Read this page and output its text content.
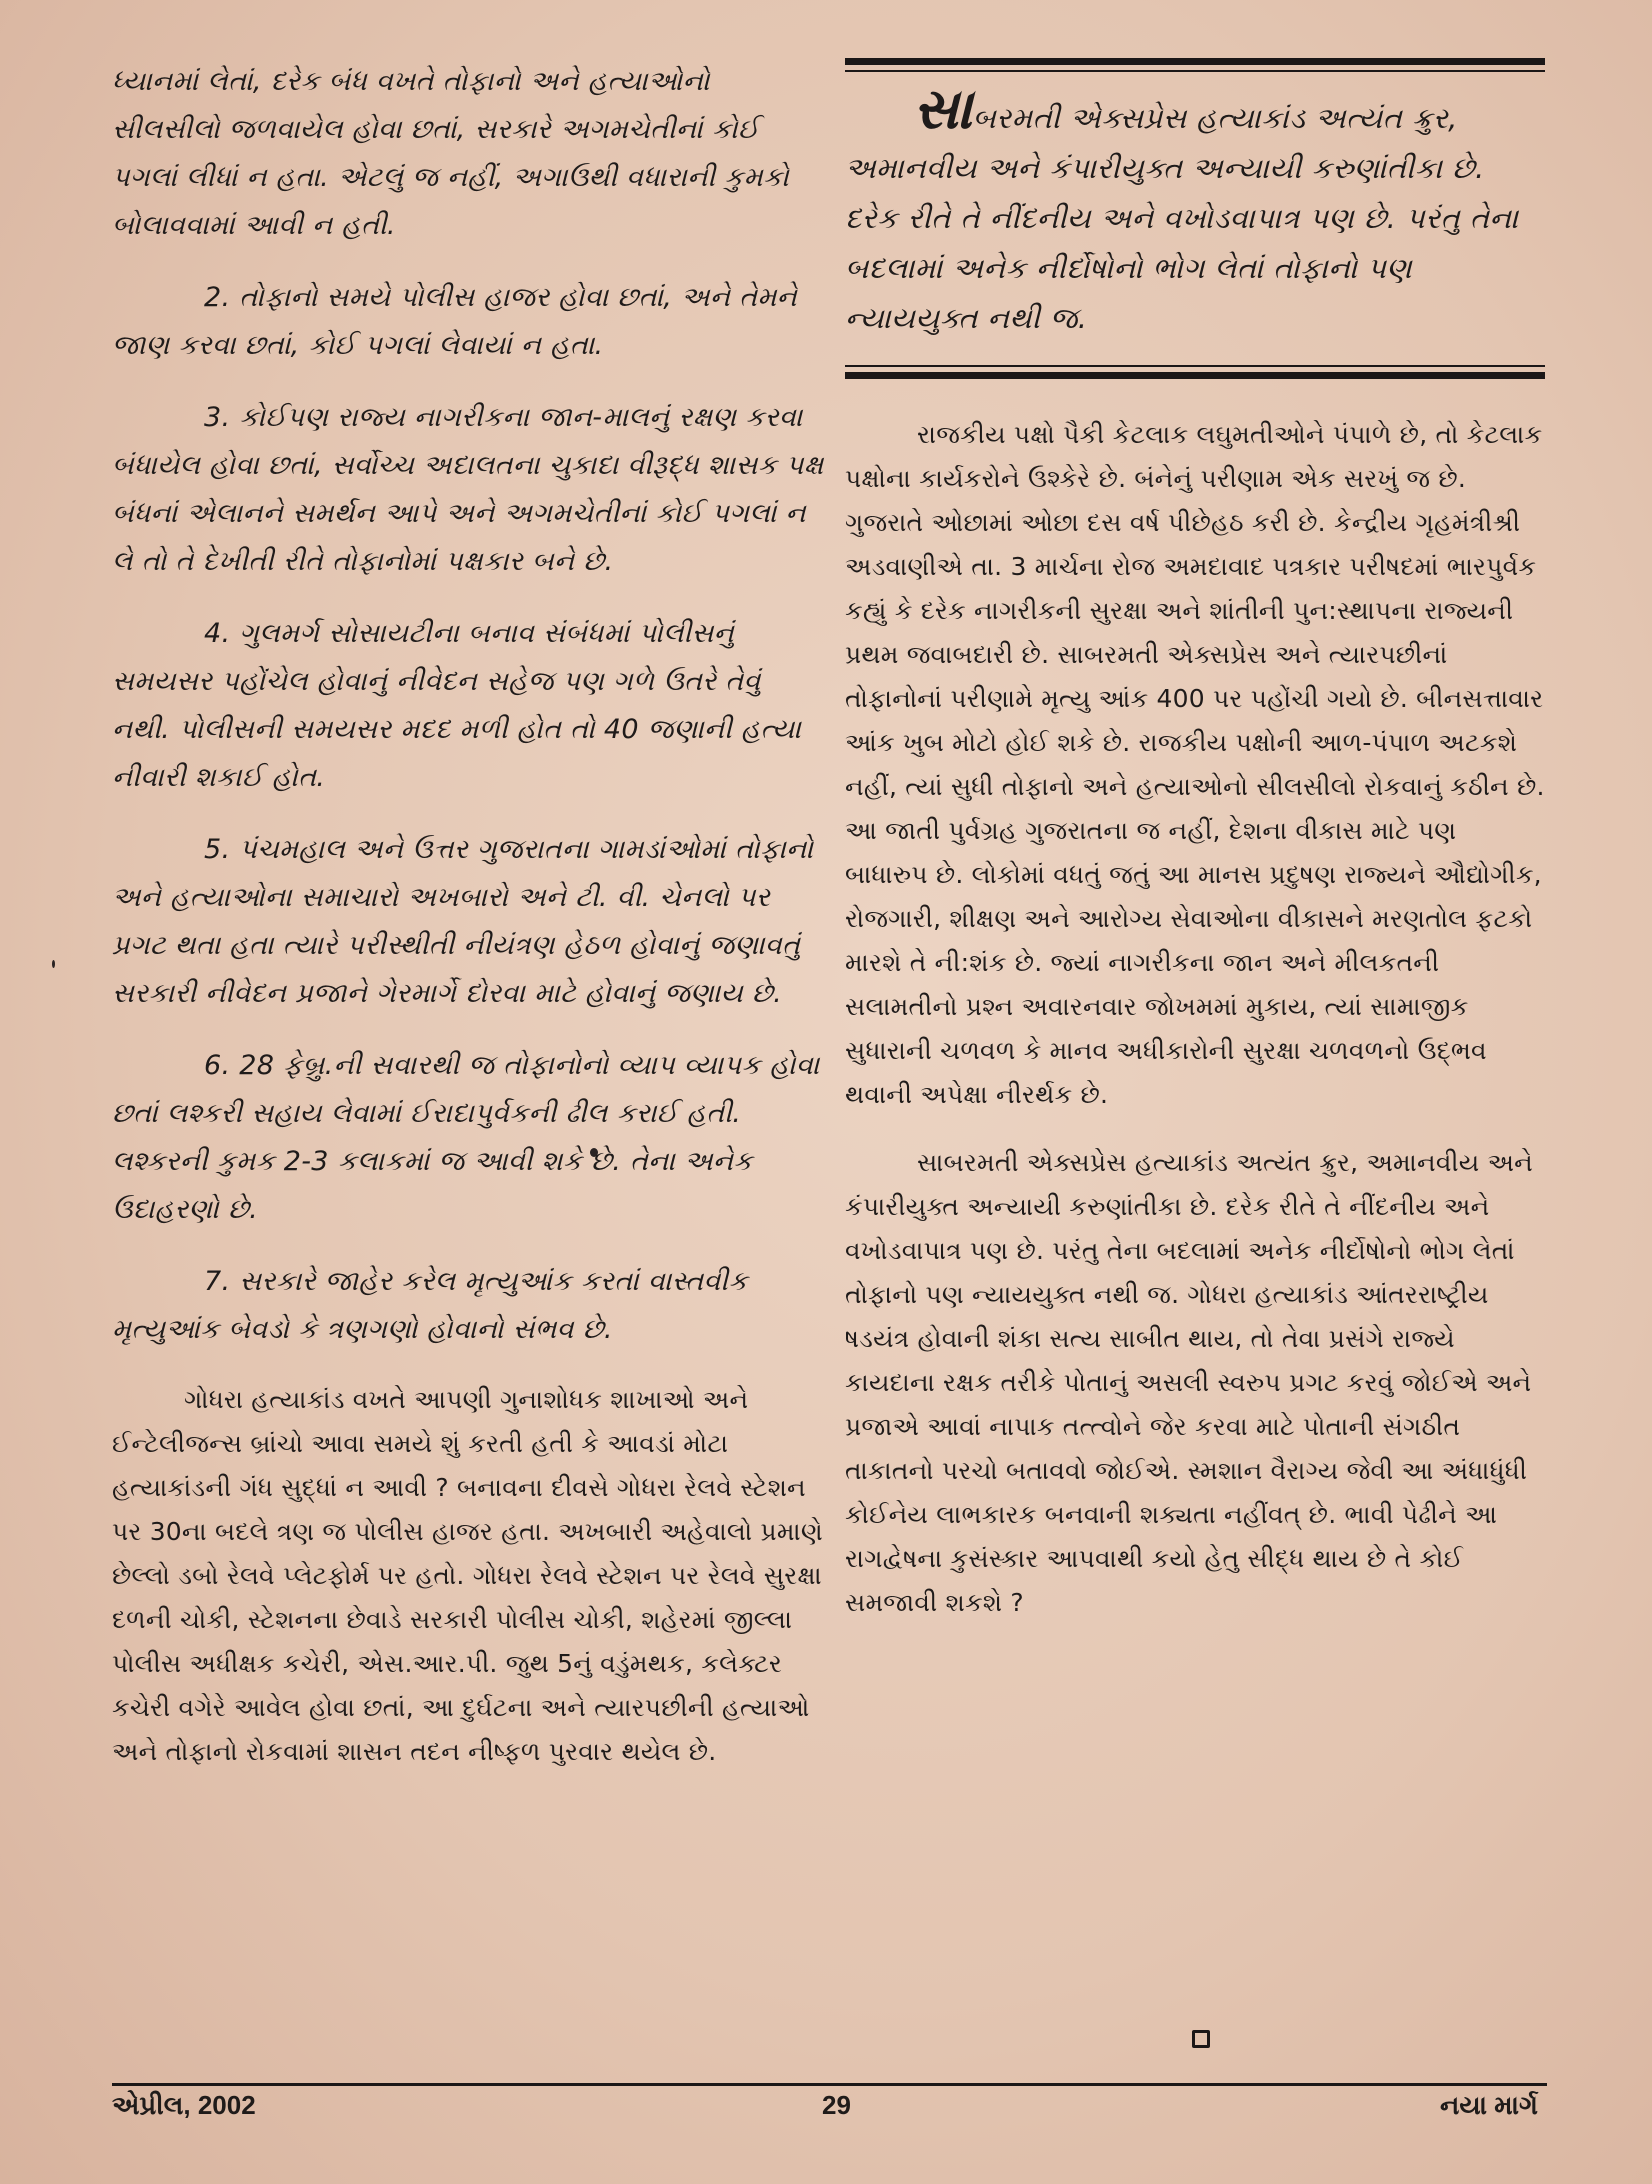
ધ્યાનમાં લેતાં, દરેક બંધ વખતે તોફાનો અને હત્યાઓનો સીલસીલો જળવાયેલ હોવા છતાં, સરકારે અગમચેતીનાં કોઈ પગલાં લીધાં ન હતા. એટલું જ નહીં, અગાઉથી વધારાની કુમકો બોલાવવામાં આવી ન હતી.

2. તોફાનો સમયે પોલીસ હાજર હોવા છતાં, અને તેમને જાણ કરવા છતાં, કોઈ પગલાં લેવાયાં ન હતા.

3. કોઈપણ રાજ્ય નાગરીકના જાન-માલનું રક્ષણ કરવા બંધાયેલ હોવા છતાં, સર્વોચ્ચ અદાલતના ચુકાદા વીરૂદ્ધ શાસક પક્ષ બંધનાં એલાનને સમર્થન આપે અને અગમચેતીનાં કોઈ પગલાં ન લે તો તે દેખીતી રીતે તોફાનોમાં પક્ષકાર બને છે.

4. ગુલમર્ગ સોસાયટીના બનાવ સંબંધમાં પોલીસનું સમયસર પહોંચેલ હોવાનું નીવેદન સહેજ પણ ગળે ઉતરે તેવું નથી. પોલીસની સમયસર મદદ મળી હોત તો 40 જણાની હત્યા નીવારી શકાઈ હોત.

5. પંચમહાલ અને ઉત્તર ગુજરાતના ગામડાંઓમાં તોફાનો અને હત્યાઓના સમાચારો અખબારો અને ટી. વી. ચેનલો પર પ્રગટ થતા હતા ત્યારે પરીસ્થીતી નીયંત્રણ હેઠળ હોવાનું જણાવતું સરકારી નીવેદન પ્રજાને ગેરમાર્ગે દોરવા માટે હોવાનું જણાય છે.

6. 28 ફેબ્રુ.ની સવારથી જ તોફાનોનો વ્યાપ વ્યાપક હોવા છતાં લશ્કરી સહાય લેવામાં ઈરાદાપુર્વકની ઢીલ કરાઈ હતી. લશ્કરની કુમક 2-3 કલાકમાં જ આવી શકે છે. તેના અનેક ઉદાહરણો છે.

7. સરકારે જાહેર કરેલ મૃત્યુઆંક કરતાં વાસ્તવીક મૃત્યુઆંક બેવડો કે ત્રણગણો હોવાનો સંભવ છે.

ગોધરા હત્યાકાંડ વખતે આપણી ગુનાશોધક શાખાઓ અને ઈન્ટેલીજન્સ બ્રાંચો આવા સમયે શું કરતી હતી કે આવડાં મોટા હત્યાકાંડની ગંધ સુદ્ધાં ન આવી ? બનાવના દીવસે ગોધરા રેલવે સ્ટેશન પર 30ના બદલે ત્રણ જ પોલીસ હાજર હતા. અખબારી અહેવાલો પ્રમાણે છેલ્લો ડબો રેલવે પ્લેટફોર્મ પર હતો. ગોધરા રેલવે સ્ટેશન પર રેલવે સુરક્ષા દળની ચોકી, સ્ટેશનના છેવાડે સરકારી પોલીસ ચોકી, શહેરમાં જીલ્લા પોલીસ અધીક્ષક કચેરી, એસ.આર.પી. જુથ 5નું વડુંમથક, કલેક્ટર કચેરી વગેરે આવેલ હોવા છતાં, આ દુર્ઘટના અને ત્યારપછીની હત્યાઓ અને તોફાનો રોકવામાં શાસન તદન નીષ્ફળ પુરવાર થયેલ છે.

સાબરમતી એક્સપ્રેસ હત્યાકાંડ અત્યંત ક્રુર, અમાનવીય અને કંપારીયુક્ત અન્યાયી કરુણાંતીકા છે. દરેક રીતે તે નીંદનીય અને વખોડવાપાત્ર પણ છે. પરંતુ તેના બદલામાં અનેક નીર્દોષોનો ભોગ લેતાં તોફાનો પણ ન્યાયયુક્ત નથી જ.

રાજકીય પક્ષો પૈકી કેટલાક લઘુમતીઓને પંપાળે છે, તો કેટલાક પક્ષોના કાર્યકરોને ઉશ્કેરે છે. બંનેનું પરીણામ એક સરખું જ છે. ગુજરાતે ઓછામાં ઓછા દસ વર્ષ પીછેહઠ કરી છે. કેન્દ્રીય ગૃહમંત્રીશ્રી અડવાણીએ તા. 3 માર્ચના રોજ અમદાવાદ પત્રકાર પરીષદમાં ભારપુર્વક કહ્યું કે દરેક નાગરીકની સુરક્ષા અને શાંતીની પુન:સ્થાપના રાજ્યની પ્રથમ જવાબદારી છે. સાબરમતી એક્સપ્રેસ અને ત્યારપછીનાં તોફાનોનાં પરીણામે મૃત્યુ આંક 400 પર પહોંચી ગયો છે. બીનસત્તાવાર આંક ખુબ મોટો હોઈ શકે છે. રાજકીય પક્ષોની આળ-પંપાળ અટકશે નહીં, ત્યાં સુધી તોફાનો અને હત્યાઓનો સીલસીલો રોકવાનું કઠીન છે. આ જાતી પુર્વગ્રહ ગુજરાતના જ નહીં, દેશના વીકાસ માટે પણ બાધારુપ છે. લોકોમાં વધતું જતું આ માનસ પ્રદુષણ રાજ્યને ઔદ્યોગીક, રોજગારી, શીક્ષણ અને આરોગ્ય સેવાઓના વીકાસને મરણતોલ ફટકો મારશે તે ની:શંક છે. જ્યાં નાગરીકના જાન અને મીલકતની સલામતીનો પ્રશ્ન અવારનવાર જોખમમાં મુકાય, ત્યાં સામાજીક સુધારાની ચળવળ કે માનવ અધીકારોની સુરક્ષા ચળવળનો ઉદ્ભવ થવાની અપેક્ષા નીરર્થક છે.

સાબરમતી એક્સપ્રેસ હત્યાકાંડ અત્યંત ક્રુર, અમાનવીય અને કંપારીયુક્ત અન્યાયી કરુણાંતીકા છે. દરેક રીતે તે નીંદનીય અને વખોડવાપાત્ર પણ છે. પરંતુ તેના બદલામાં અનેક નીર્દોષોનો ભોગ લેતાં તોફાનો પણ ન્યાયયુક્ત નથી જ. ગોધરા હત્યાકાંડ આંતરરાષ્ટ્રીય ષડયંત્ર હોવાની શંકા સત્ય સાબીત થાય, તો તેવા પ્રસંગે રાજ્યે કાયદાના રક્ષક તરીકે પોતાનું અસલી સ્વરુપ પ્રગટ કરવું જોઈએ અને પ્રજાએ આવાં નાપાક તત્ત્વોને જેર કરવા માટે પોતાની સંગઠીત તાકાતનો પરચો બતાવવો જોઈએ. સ્મશાન વૈરાગ્ય જેવી આ અંધાધુંધી કોઈનેય લાભકારક બનવાની શક્યતા નહીંવત્ છે. ભાવી પેઢીને આ રાગદ્વેષના કુસંસ્કાર આપવાથી કયો હેતુ સીદ્ધ થાય છે તે કોઈ સમજાવી શકશે ?

એપ્રીલ, 2002	29	નયા માર્ગ
